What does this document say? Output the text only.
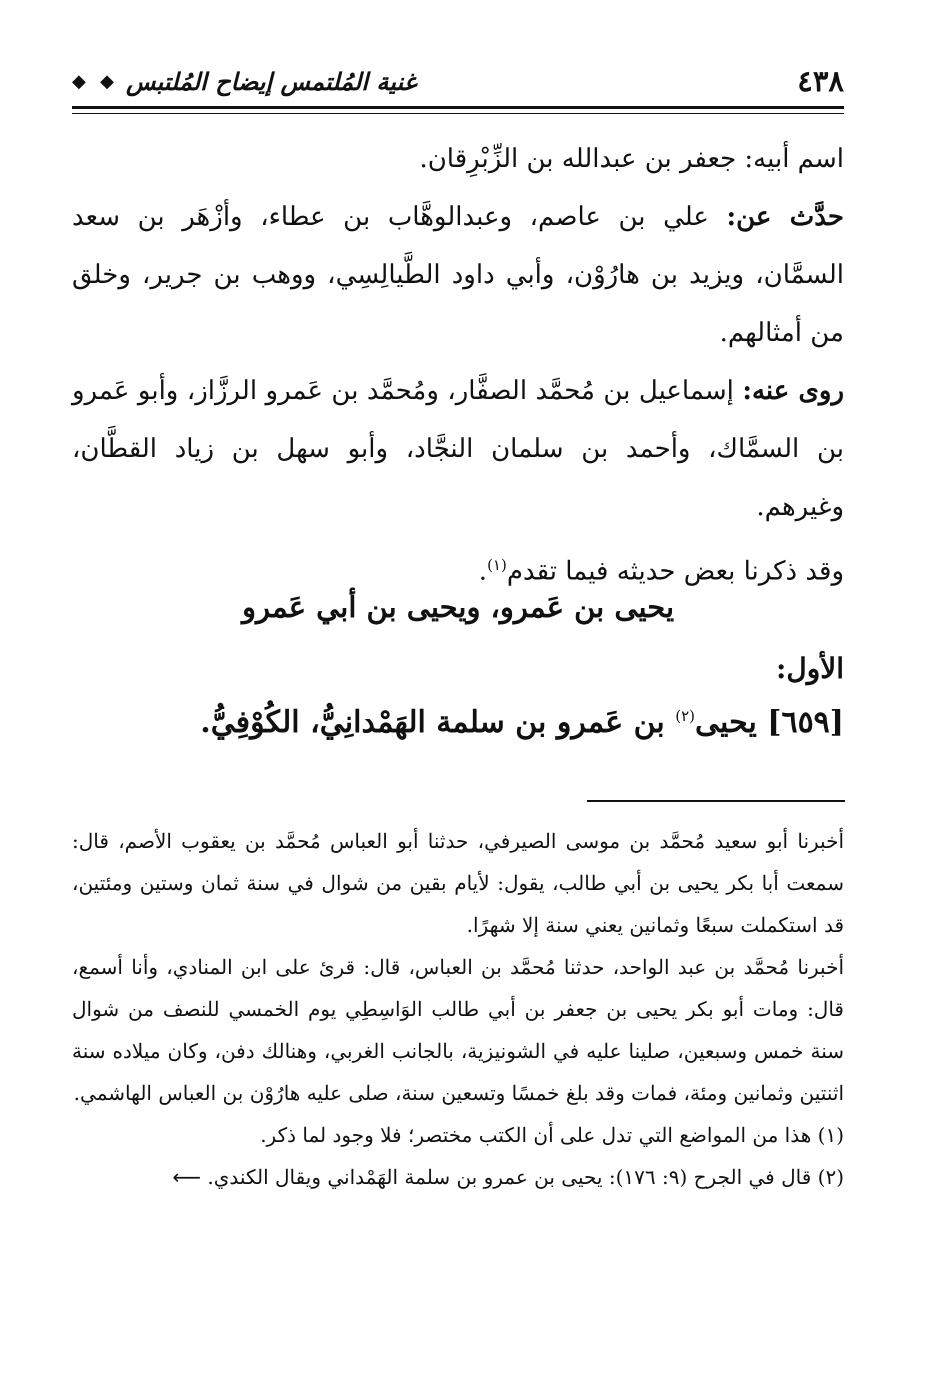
٤٣٨
غنية المُلتمس إيضاح المُلتبس
◆ ◆

اسم أبيه: جعفر بن عبدالله بن الزِّبْرِقان.

حدَّث عن: علي بن عاصم، وعبدالوهَّاب بن عطاء، وأزْهَر بن سعد السمَّان، ويزيد بن هارُوْن، وأبي داود الطَّيالِسِي، ووهب بن جرير، وخلق من أمثالهم.

روى عنه: إسماعيل بن مُحمَّد الصفَّار، ومُحمَّد بن عَمرو الرزَّاز، وأبو عَمرو بن السمَّاك، وأحمد بن سلمان النجَّاد، وأبو سهل بن زياد القطَّان، وغيرهم.

وقد ذكرنا بعض حديثه فيما تقدم$^{(١)}$.

يحيى بن عَمرو، ويحيى بن أبي عَمرو
الأول:
[٦٥٩] يحيى$^{(٢)}$ بن عَمرو بن سلمة الهَمْدانِيُّ، الكُوْفِيُّ.

أخبرنا أبو سعيد مُحمَّد بن موسى الصيرفي، حدثنا أبو العباس مُحمَّد بن يعقوب الأصم، قال: سمعت أبا بكر يحيى بن أبي طالب، يقول: لأيام بقين من شوال في سنة ثمان وستين ومئتين، قد استكملت سبعًا وثمانين يعني سنة إلا شهرًا.

أخبرنا مُحمَّد بن عبد الواحد، حدثنا مُحمَّد بن العباس، قال: قرئ على ابن المنادي، وأنا أسمع، قال: ومات أبو بكر يحيى بن جعفر بن أبي طالب الوَاسِطِي يوم الخمسي للنصف من شوال سنة خمس وسبعين، صلينا عليه في الشونيزية، بالجانب الغربي، وهنالك دفن، وكان ميلاده سنة اثنتين وثمانين ومئة، فمات وقد بلغ خمسًا وتسعين سنة، صلى عليه هارُوْن بن العباس الهاشمي.

(١) هذا من المواضع التي تدل على أن الكتب مختصر؛ فلا وجود لما ذكر.

(٢) قال في الجرح (٩: ١٧٦): يحيى بن عمرو بن سلمة الهَمْداني ويقال الكندي. ⟵
